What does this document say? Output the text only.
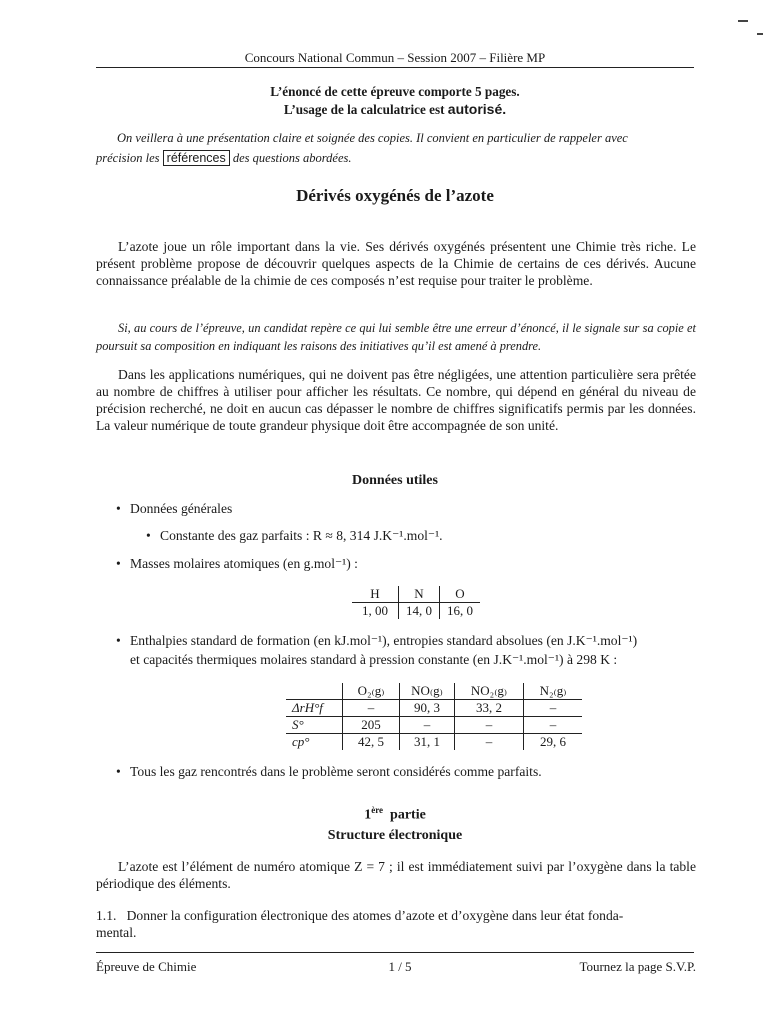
Concours National Commun – Session 2007 – Filière MP
L’énoncé de cette épreuve comporte 5 pages.
L’usage de la calculatrice est autorisé.
On veillera à une présentation claire et soignée des copies. Il convient en particulier de rappeler avec
précision les références des questions abordées.
Dérivés oxygénés de l’azote
L’azote joue un rôle important dans la vie. Ses dérivés oxygénés présentent une Chimie très riche. Le présent problème propose de découvrir quelques aspects de la Chimie de certains de ces dérivés. Aucune connaissance préalable de la chimie de ces composés n’est requise pour traiter le problème.
Si, au cours de l’épreuve, un candidat repère ce qui lui semble être une erreur d’énoncé, il le signale sur sa copie et poursuit sa composition en indiquant les raisons des initiatives qu’il est amené à prendre.
Dans les applications numériques, qui ne doivent pas être négligées, une attention particulière sera prêtée au nombre de chiffres à utiliser pour afficher les résultats. Ce nombre, qui dépend en général du niveau de précision recherché, ne doit en aucun cas dépasser le nombre de chiffres significatifs permis par les données. La valeur numérique de toute grandeur physique doit être accompagnée de son unité.
Données utiles
• Données générales
• Constante des gaz parfaits : R ≈ 8, 314 J.K⁻¹.mol⁻¹.
• Masses molaires atomiques (en g.mol⁻¹) :
H	N	O
1, 00	14, 0	16, 0
• Enthalpies standard de formation (en kJ.mol⁻¹), entropies standard absolues (en J.K⁻¹.mol⁻¹)
et capacités thermiques molaires standard à pression constante (en J.K⁻¹.mol⁻¹) à 298 K :
	O₂₍g₎	NO₍g₎	NO₂₍g₎	N₂₍g₎
ΔrH°f	–	90, 3	33, 2	–
S°	205	–	–	–
cp°	42, 5	31, 1	–	29, 6
• Tous les gaz rencontrés dans le problème seront considérés comme parfaits.
1ère partie
Structure électronique
L’azote est l’élément de numéro atomique Z = 7 ; il est immédiatement suivi par l’oxygène dans la table périodique des éléments.
1.1. Donner la configuration électronique des atomes d’azote et d’oxygène dans leur état fonda-
mental.
Épreuve de Chimie	1 / 5	Tournez la page S.V.P.
